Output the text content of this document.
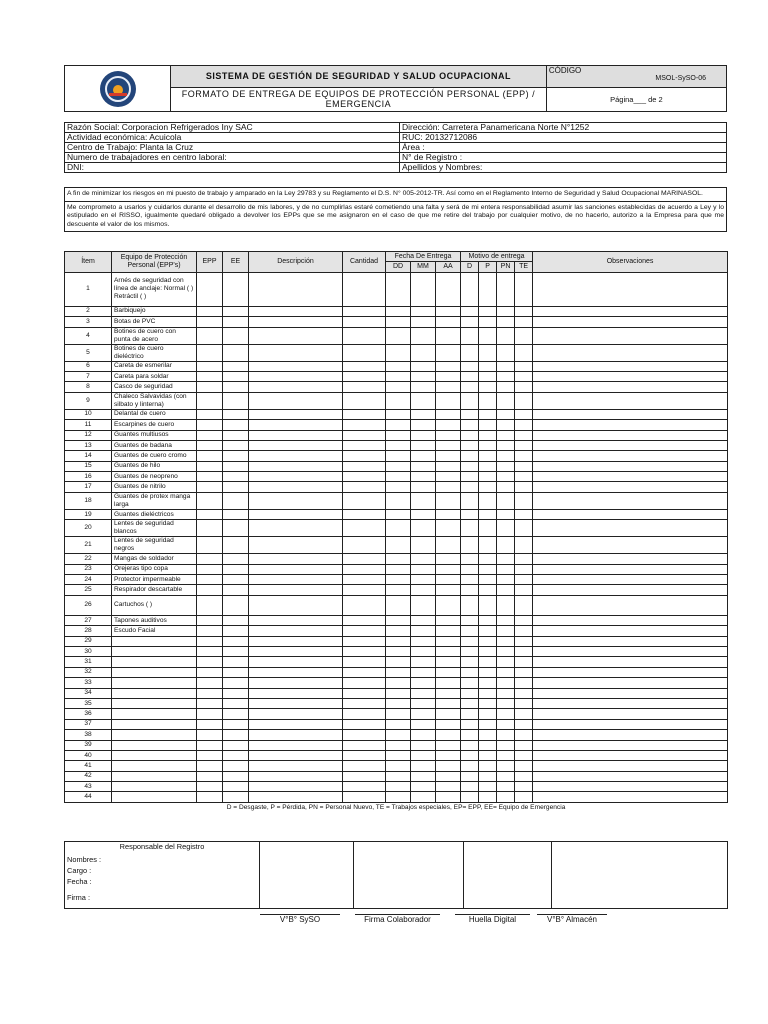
	SISTEMA DE GESTIÓN DE SEGURIDAD Y SALUD OCUPACIONAL	CÓDIGO
MSOL-SySO-06

	FORMATO DE ENTREGA DE EQUIPOS DE PROTECCIÓN PERSONAL (EPP) / EMERGENCIA	Página___ de 2
Razón Social: Corporacion Refrigerados Iny SAC	Dirección: Carretera Panamericana Norte N°1252
Actividad económica: Acuicola	RUC: 20132712086
Centro de Trabajo: Planta la Cruz	Área :
Numero de trabajadores en centro laboral:	N° de Registro :
DNI:	Apellidos y Nombres:
A fin de minimizar los riesgos en mi puesto de trabajo y amparado en la Ley 29783 y su Reglamento el D.S. N° 005-2012-TR. Así como en el Reglamento Interno de Seguridad y Salud Ocupacional MARINASOL.
Me comprometo a usarlos y cuidarlos durante el desarrollo de mis labores, y de no cumplirlas estaré cometiendo una falta y será de mi entera responsabilidad asumir las sanciones establecidas de acuerdo a Ley y lo estipulado en el RISSO, igualmente quedaré obligado a devolver los EPPs que se me asignaron en el caso de que me retire del trabajo por cualquier motivo, de no hacerlo, autorizo a la Empresa para que me descuente el valor de los mismos.
Ítem	Equipo de Protección Personal (EPP's)	EPP	EE	Descripción	Cantidad	Fecha De Entrega			Motivo de entrega				Observaciones
						DD	MM	AA	D	P	PN	TE	
1	Arnés de seguridad con línea de anclaje: Normal ( ) Retráctil ( )												
2	Barbiquejo												
3	Botas de PVC												
4	Botines de cuero con punta de acero												
5	Botines de cuero dieléctrico												
6	Careta de esmerilar												
7	Careta para soldar												
8	Casco de seguridad												
9	Chaleco Salvavidas (con silbato y linterna)												
10	Delantal de cuero												
11	Escarpines de cuero												
12	Guantes multiusos												
13	Guantes de badana												
14	Guantes de cuero cromo												
15	Guantes de hilo												
16	Guantes de neopreno												
17	Guantes de nitrilo												
18	Guantes de protex manga larga												
19	Guantes dieléctricos												
20	Lentes de seguridad blancos												
21	Lentes de seguridad negros												
22	Mangas de soldador												
23	Orejeras tipo copa												
24	Protector impermeable												
25	Respirador descartable												
26	Cartuchos ( )												
27	Tapones auditivos												
28	Escudo Facial												
29													
30													
31													
32													
33													
34													
35													
36													
37													
38													
39													
40													
41													
42													
43													
44													
D = Desgaste, P = Pérdida, PN = Personal Nuevo, TE = Trabajos especiales, EP= EPP, EE= Equipo de Emergencia													
Responsable del Registro
Nombres :
Cargo :
Fecha :
Firma :

V°B° SySO	Firma Colaborador	Huella Digital	V°B° Almacén
